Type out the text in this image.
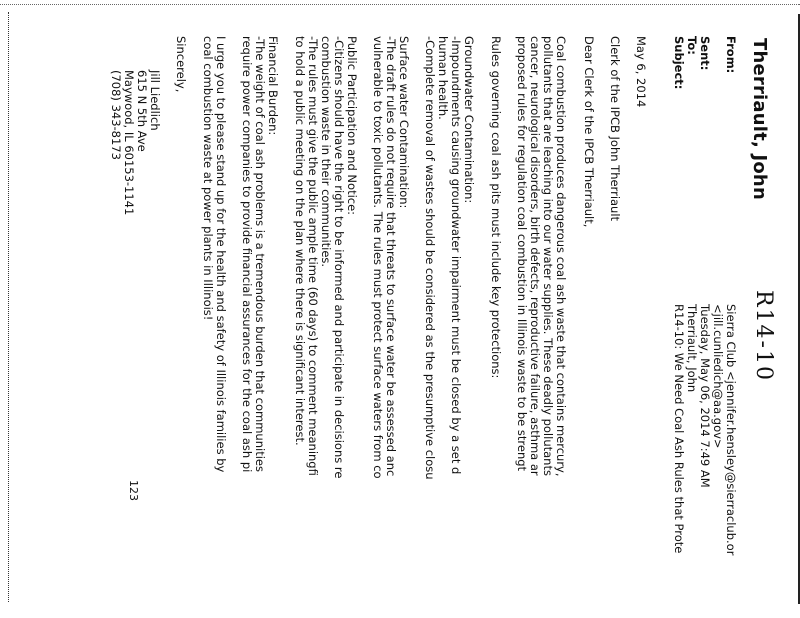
Therriault, John
R14-10
From:
Sierra Club <jennifer.hensley@sierraclub.or
<jill.cunliedich@aa.gov>
Sent:
Tuesday, May 06, 2014 7:49 AM
To:
Therriault, John
Subject:
R14-10: We Need Coal Ash Rules that Prote
May 6, 2014
Clerk of the IPCB John Therriault
Dear Clerk of the IPCB Therriault,
Coal combustion produces dangerous coal ash waste that contains mercury,
pollutants that are leaching into our water supplies. These deadly pollutants
cancer, neurological disorders, birth defects, reproductive failure, asthma ar
proposed rules for regulation coal combustion in Illinois waste to be strengt
Rules governing coal ash pits must include key protections:
Groundwater Contamination:
-Impoundments causing groundwater impairment must be closed by a set d
human health.
-Complete removal of wastes should be considered as the presumptive closu
Surface water Contamination:
-The draft rules do not require that threats to surface water be assessed anc
vulnerable to toxic pollutants. The rules must protect surface waters from co
Public Participation and Notice:
-Citizens should have the right to be informed and participate in decisions re
combustion waste in their communities.
-The rules must give the public ample time (60 days) to comment meaningfi
to hold a public meeting on the plan where there is significant interest.
Financial Burden:
-The weight of coal ash problems is a tremendous burden that communities
require power companies to provide financial assurances for the coal ash pi
I urge you to please stand up for the health and safety of Illinois families by
coal combustion waste at power plants in Illinois!
Sincerely,
Jill Liedlich
615 N 5th Ave
Maywood, IL 60153-1141
(708) 343-8173
123
